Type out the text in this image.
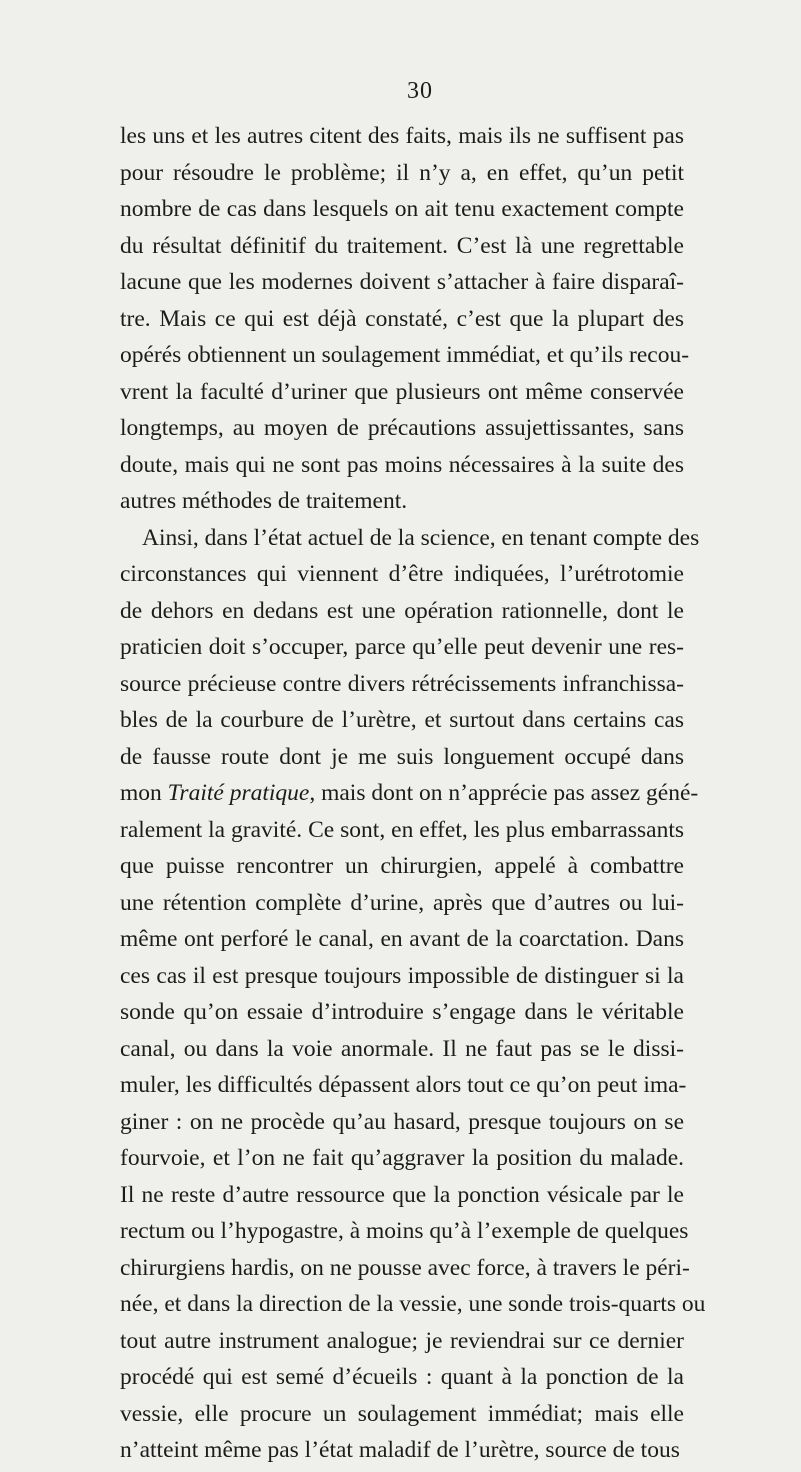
30
les uns et les autres citent des faits, mais ils ne suffisent pas
pour résoudre le problème; il n’y a, en effet, qu’un petit
nombre de cas dans lesquels on ait tenu exactement compte
du résultat définitif du traitement. C’est là une regrettable
lacune que les modernes doivent s’attacher à faire disparaî-
tre. Mais ce qui est déjà constaté, c’est que la plupart des
opérés obtiennent un soulagement immédiat, et qu’ils recou-
vrent la faculté d’uriner que plusieurs ont même conservée
longtemps, au moyen de précautions assujettissantes, sans
doute, mais qui ne sont pas moins nécessaires à la suite des
autres méthodes de traitement.
Ainsi, dans l’état actuel de la science, en tenant compte des
circonstances qui viennent d’être indiquées, l’urétrotomie
de dehors en dedans est une opération rationnelle, dont le
praticien doit s’occuper, parce qu’elle peut devenir une res-
source précieuse contre divers rétrécissements infranchissa-
bles de la courbure de l’urètre, et surtout dans certains cas
de fausse route dont je me suis longuement occupé dans
mon Traité pratique, mais dont on n’apprécie pas assez géné-
ralement la gravité. Ce sont, en effet, les plus embarrassants
que puisse rencontrer un chirurgien, appelé à combattre
une rétention complète d’urine, après que d’autres ou lui-
même ont perforé le canal, en avant de la coarctation. Dans
ces cas il est presque toujours impossible de distinguer si la
sonde qu’on essaie d’introduire s’engage dans le véritable
canal, ou dans la voie anormale. Il ne faut pas se le dissi-
muler, les difficultés dépassent alors tout ce qu’on peut ima-
giner : on ne procède qu’au hasard, presque toujours on se
fourvoie, et l’on ne fait qu’aggraver la position du malade.
Il ne reste d’autre ressource que la ponction vésicale par le
rectum ou l’hypogastre, à moins qu’à l’exemple de quelques
chirurgiens hardis, on ne pousse avec force, à travers le péri-
née, et dans la direction de la vessie, une sonde trois-quarts ou
tout autre instrument analogue; je reviendrai sur ce dernier
procédé qui est semé d’écueils : quant à la ponction de la
vessie, elle procure un soulagement immédiat; mais elle
n’atteint même pas l’état maladif de l’urètre, source de tous
